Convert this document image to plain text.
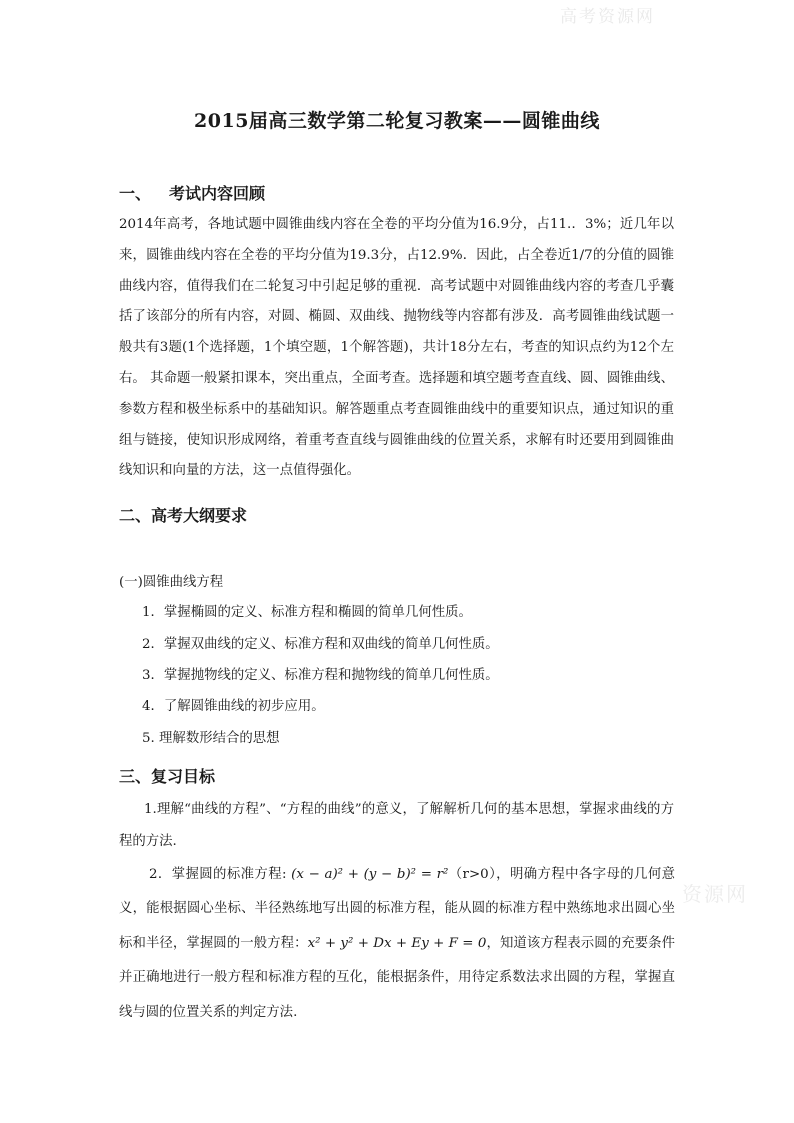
高考资源网
2015届高三数学第二轮复习教案——圆锥曲线
一、 考试内容回顾
2014年高考，各地试题中圆锥曲线内容在全卷的平均分值为16.9分，占11.．3%；近几年以来，圆锥曲线内容在全卷的平均分值为19.3分，占12.9%．因此，占全卷近1/7的分值的圆锥曲线内容，值得我们在二轮复习中引起足够的重视．高考试题中对圆锥曲线内容的考查几乎囊括了该部分的所有内容，对圆、椭圆、双曲线、抛物线等内容都有涉及．高考圆锥曲线试题一般共有3题(1个选择题，1个填空题，1个解答题)，共计18分左右，考查的知识点约为12个左右。 其命题一般紧扣课本，突出重点，全面考查。选择题和填空题考查直线、圆、圆锥曲线、参数方程和极坐标系中的基础知识。解答题重点考查圆锥曲线中的重要知识点，通过知识的重组与链接，使知识形成网络，着重考查直线与圆锥曲线的位置关系，求解有时还要用到圆锥曲线知识和向量的方法，这一点值得强化。
二、高考大纲要求
(一)圆锥曲线方程
1．掌握椭圆的定义、标准方程和椭圆的简单几何性质。
2．掌握双曲线的定义、标准方程和双曲线的简单几何性质。
3．掌握抛物线的定义、标准方程和抛物线的简单几何性质。
4．了解圆锥曲线的初步应用。
5. 理解数形结合的思想
三、复习目标
1.理解“曲线的方程”、“方程的曲线”的意义，了解解析几何的基本思想，掌握求曲线的方程的方法.
2．掌握圆的标准方程: (x − a)² + (y − b)² = r²（r>0），明确方程中各字母的几何意义，能根据圆心坐标、半径熟练地写出圆的标准方程，能从圆的标准方程中熟练地求出圆心坐标和半径，掌握圆的一般方程：x² + y² + Dx + Ey + F = 0，知道该方程表示圆的充要条件并正确地进行一般方程和标准方程的互化，能根据条件，用待定系数法求出圆的方程，掌握直线与圆的位置关系的判定方法.
资源网
